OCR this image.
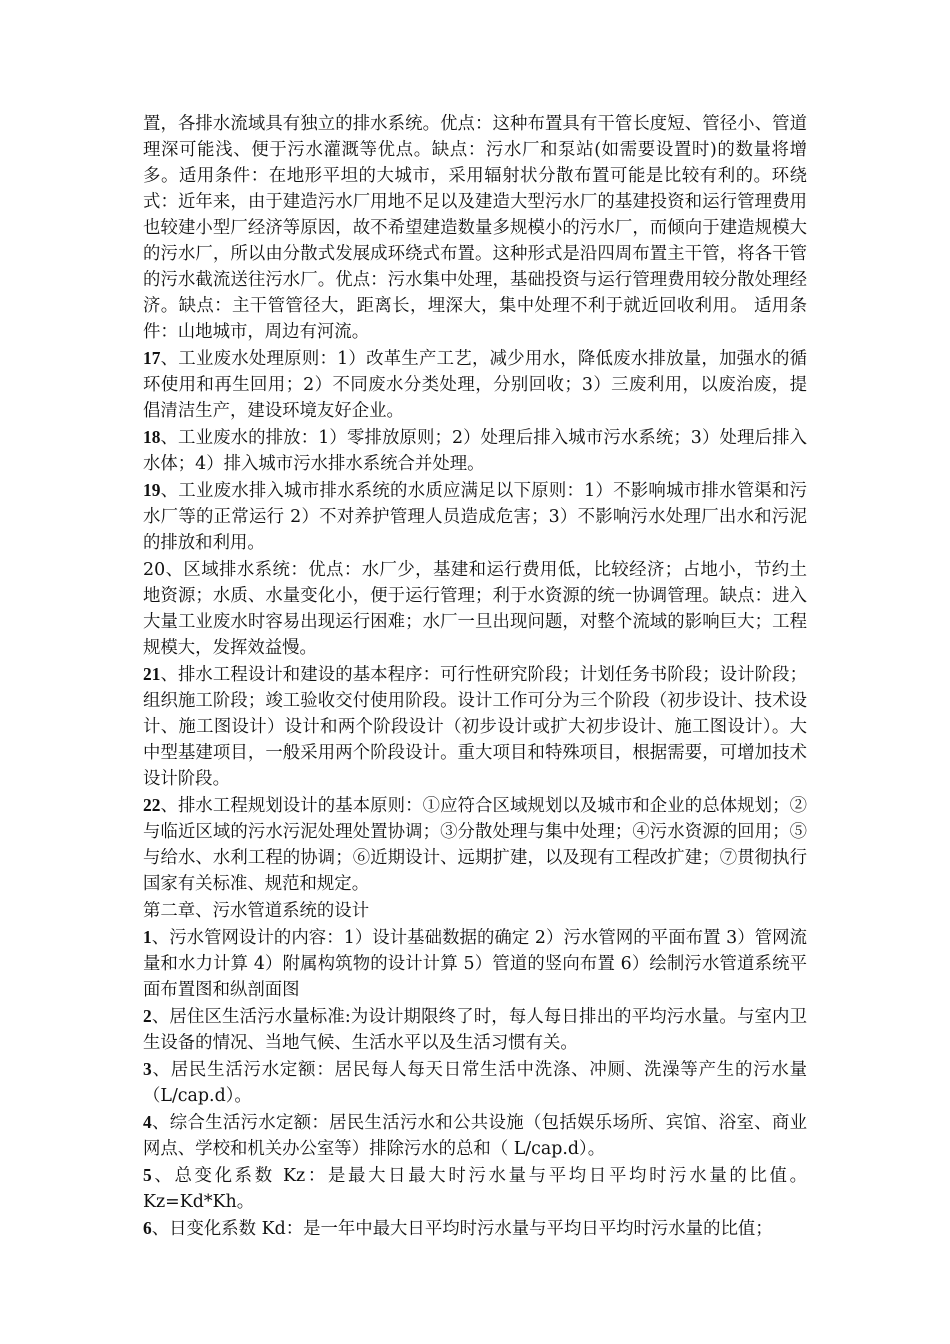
置，各排水流域具有独立的排水系统。优点：这种布置具有干管长度短、管径小、管道理深可能浅、便于污水灌溉等优点。缺点：污水厂和泵站(如需要设置时)的数量将增多。适用条件：在地形平坦的大城市，采用辐射状分散布置可能是比较有利的。环绕式：近年来，由于建造污水厂用地不足以及建造大型污水厂的基建投资和运行管理费用也较建小型厂经济等原因，故不希望建造数量多规模小的污水厂，而倾向于建造规模大的污水厂，所以由分散式发展成环绕式布置。这种形式是沿四周布置主干管，将各干管的污水截流送往污水厂。优点：污水集中处理，基础投资与运行管理费用较分散处理经济。缺点：主干管管径大，距离长，埋深大，集中处理不利于就近回收利用。 适用条件：山地城市，周边有河流。

17、工业废水处理原则：1）改革生产工艺，减少用水，降低废水排放量，加强水的循环使用和再生回用；2）不同废水分类处理，分别回收；3）三废利用，以废治废，提倡清洁生产，建设环境友好企业。

18、工业废水的排放：1）零排放原则；2）处理后排入城市污水系统；3）处理后排入水体；4）排入城市污水排水系统合并处理。

19、工业废水排入城市排水系统的水质应满足以下原则：1）不影响城市排水管渠和污水厂等的正常运行 2）不对养护管理人员造成危害；3）不影响污水处理厂出水和污泥的排放和利用。

20、区域排水系统：优点：水厂少，基建和运行费用低，比较经济；占地小，节约土地资源；水质、水量变化小，便于运行管理；利于水资源的统一协调管理。缺点：进入大量工业废水时容易出现运行困难；水厂一旦出现问题，对整个流域的影响巨大；工程规模大，发挥效益慢。

21、排水工程设计和建设的基本程序：可行性研究阶段；计划任务书阶段；设计阶段；组织施工阶段；竣工验收交付使用阶段。设计工作可分为三个阶段（初步设计、技术设计、施工图设计）设计和两个阶段设计（初步设计或扩大初步设计、施工图设计）。大中型基建项目，一般采用两个阶段设计。重大项目和特殊项目，根据需要，可增加技术设计阶段。

22、排水工程规划设计的基本原则：①应符合区域规划以及城市和企业的总体规划；②与临近区域的污水污泥处理处置协调；③分散处理与集中处理；④污水资源的回用；⑤与给水、水利工程的协调；⑥近期设计、远期扩建，以及现有工程改扩建；⑦贯彻执行国家有关标准、规范和规定。

第二章、污水管道系统的设计

1、污水管网设计的内容：1）设计基础数据的确定 2）污水管网的平面布置 3）管网流量和水力计算 4）附属构筑物的设计计算 5）管道的竖向布置 6）绘制污水管道系统平面布置图和纵剖面图

2、居住区生活污水量标准:为设计期限终了时，每人每日排出的平均污水量。与室内卫生设备的情况、当地气候、生活水平以及生活习惯有关。

3、居民生活污水定额：居民每人每天日常生活中洗涤、冲厕、洗澡等产生的污水量（L/cap.d）。

4、综合生活污水定额：居民生活污水和公共设施（包括娱乐场所、宾馆、浴室、商业网点、学校和机关办公室等）排除污水的总和（ L/cap.d）。

5、总变化系数 Kz：是最大日最大时污水量与平均日平均时污水量的比值。Kz=Kd*Kh。

6、日变化系数 Kd：是一年中最大日平均时污水量与平均日平均时污水量的比值；
